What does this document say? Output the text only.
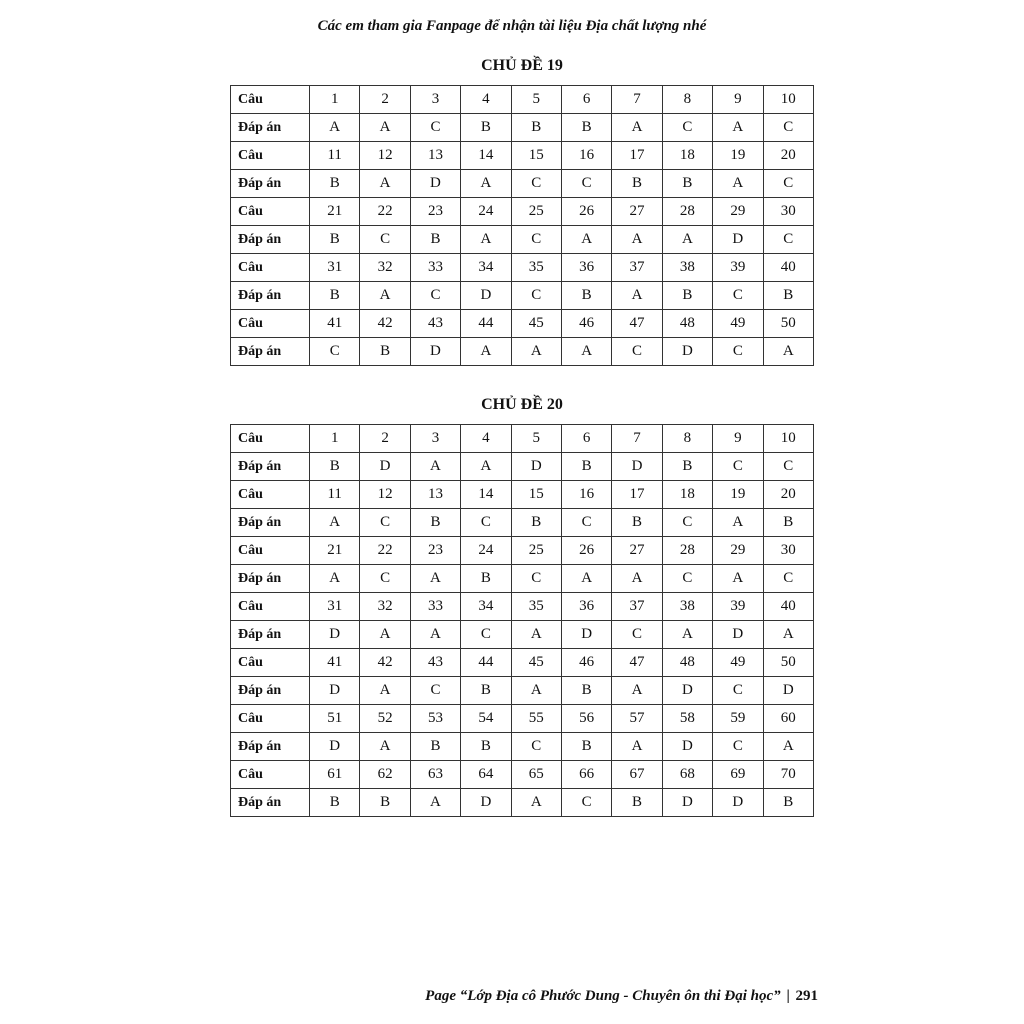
Các em tham gia Fanpage để nhận tài liệu Địa chất lượng nhé
CHỦ ĐỀ 19
Câu	1	2	3	4	5	6	7	8	9	10
Đáp án	A	A	C	B	B	B	A	C	A	C
Câu	11	12	13	14	15	16	17	18	19	20
Đáp án	B	A	D	A	C	C	B	B	A	C
Câu	21	22	23	24	25	26	27	28	29	30
Đáp án	B	C	B	A	C	A	A	A	D	C
Câu	31	32	33	34	35	36	37	38	39	40
Đáp án	B	A	C	D	C	B	A	B	C	B
Câu	41	42	43	44	45	46	47	48	49	50
Đáp án	C	B	D	A	A	A	C	D	C	A
CHỦ ĐỀ 20
Câu	1	2	3	4	5	6	7	8	9	10
Đáp án	B	D	A	A	D	B	D	B	C	C
Câu	11	12	13	14	15	16	17	18	19	20
Đáp án	A	C	B	C	B	C	B	C	A	B
Câu	21	22	23	24	25	26	27	28	29	30
Đáp án	A	C	A	B	C	A	A	C	A	C
Câu	31	32	33	34	35	36	37	38	39	40
Đáp án	D	A	A	C	A	D	C	A	D	A
Câu	41	42	43	44	45	46	47	48	49	50
Đáp án	D	A	C	B	A	B	A	D	C	D
Câu	51	52	53	54	55	56	57	58	59	60
Đáp án	D	A	B	B	C	B	A	D	C	A
Câu	61	62	63	64	65	66	67	68	69	70
Đáp án	B	B	A	D	A	C	B	D	D	B
Page “Lớp Địa cô Phước Dung - Chuyên ôn thi Đại học” | 291
